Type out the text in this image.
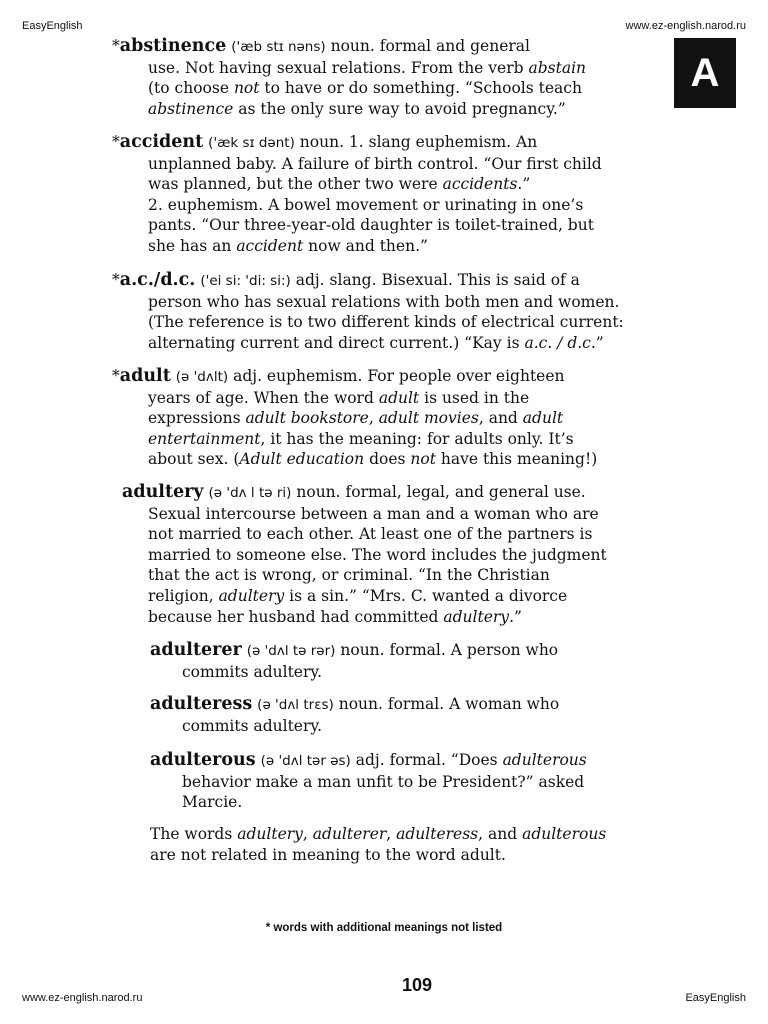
EasyEnglish	www.ez-english.narod.ru
A
*abstinence ('æb stɪ nəns) noun. formal and general
use. Not having sexual relations. From the verb abstain
(to choose not to have or do something. “Schools teach
abstinence as the only sure way to avoid pregnancy.”
*accident ('æk sɪ dənt) noun. 1. slang euphemism. An
unplanned baby. A failure of birth control. “Our first child
was planned, but the other two were accidents.”
2. euphemism. A bowel movement or urinating in one’s
pants. “Our three-year-old daughter is toilet-trained, but
she has an accident now and then.”
*a.c./d.c. ('ei si: 'di: si:) adj. slang. Bisexual. This is said of a
person who has sexual relations with both men and women.
(The reference is to two different kinds of electrical current:
alternating current and direct current.) “Kay is a.c. / d.c.”
*adult (ə 'dʌlt) adj. euphemism. For people over eighteen
years of age. When the word adult is used in the
expressions adult bookstore, adult movies, and adult
entertainment, it has the meaning: for adults only. It’s
about sex. (Adult education does not have this meaning!)
adultery (ə 'dʌ l tə ri) noun. formal, legal, and general use.
Sexual intercourse between a man and a woman who are
not married to each other. At least one of the partners is
married to someone else. The word includes the judgment
that the act is wrong, or criminal. “In the Christian
religion, adultery is a sin.” “Mrs. C. wanted a divorce
because her husband had committed adultery.”
adulterer (ə 'dʌl tə rər) noun. formal. A person who
commits adultery.
adulteress (ə 'dʌl trɛs) noun. formal. A woman who
commits adultery.
adulterous (ə 'dʌl tər əs) adj. formal. “Does adulterous
behavior make a man unfit to be President?” asked
Marcie.
The words adultery, adulterer, adulteress, and adulterous
are not related in meaning to the word adult.
* words with additional meanings not listed
109
www.ez-english.narod.ru	EasyEnglish
